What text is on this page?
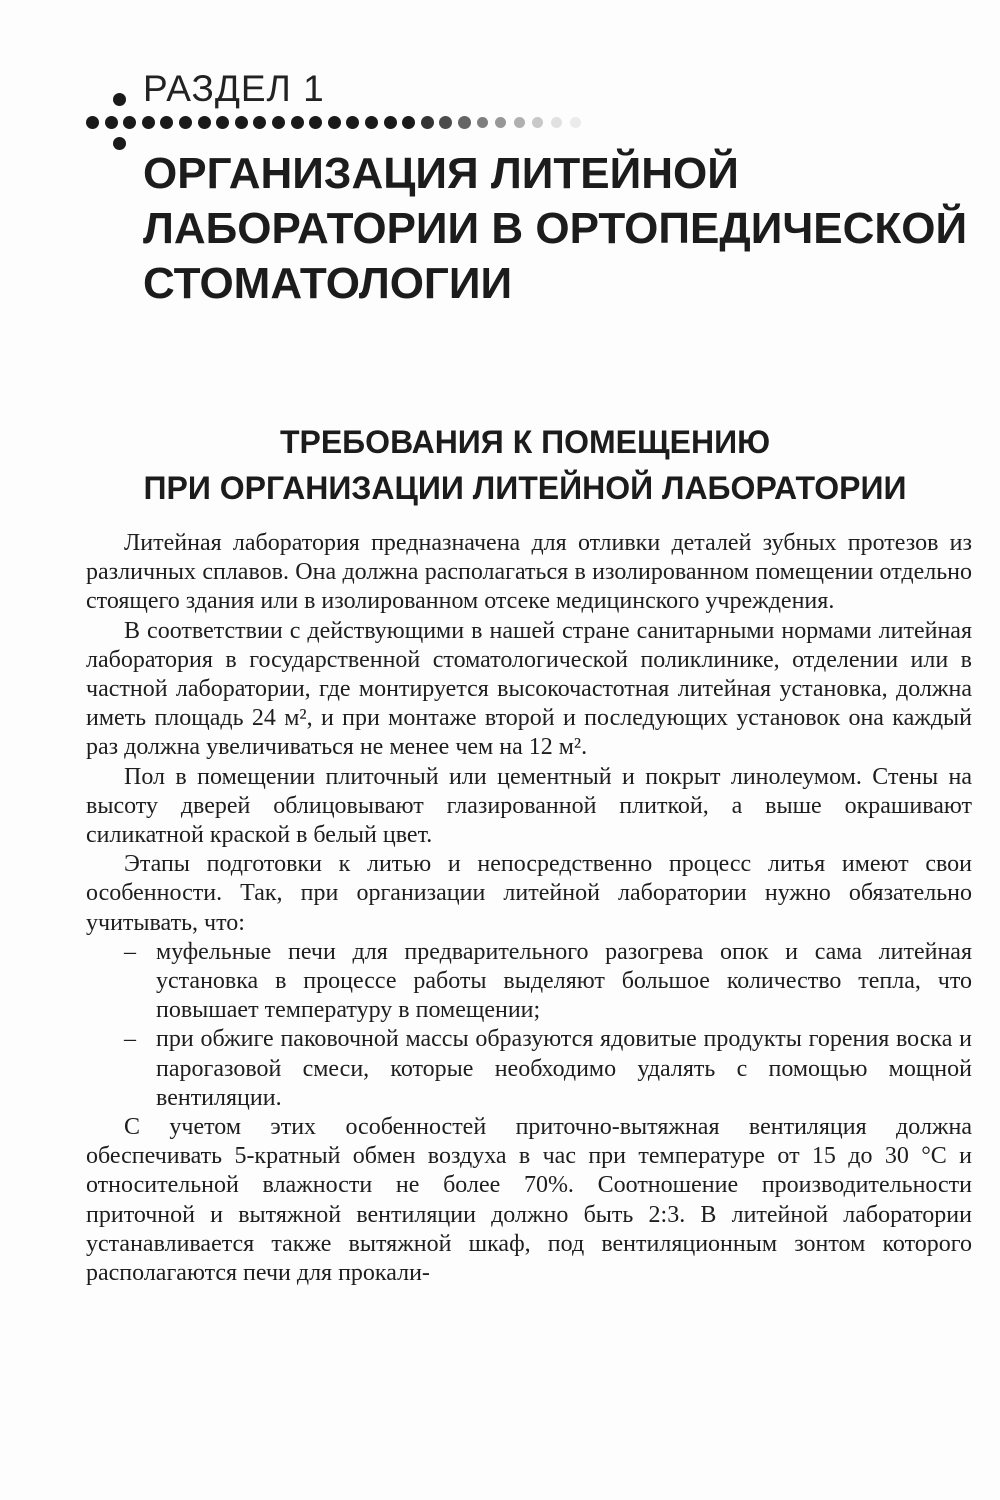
РАЗДЕЛ 1
ОРГАНИЗАЦИЯ ЛИТЕЙНОЙ
ЛАБОРАТОРИИ В ОРТОПЕДИЧЕСКОЙ
СТОМАТОЛОГИИ
ТРЕБОВАНИЯ К ПОМЕЩЕНИЮ
ПРИ ОРГАНИЗАЦИИ ЛИТЕЙНОЙ ЛАБОРАТОРИИ

Литейная лаборатория предназначена для отливки деталей зубных протезов из различных сплавов. Она должна располагаться в изолированном помещении отдельно стоящего здания или в изолированном отсеке медицинского учреждения.

В соответствии с действующими в нашей стране санитарными нормами литейная лаборатория в государственной стоматологической поликлинике, отделении или в частной лаборатории, где монтируется высокочастотная литейная установка, должна иметь площадь 24 м², и при монтаже второй и последующих установок она каждый раз должна увеличиваться не менее чем на 12 м².

Пол в помещении плиточный или цементный и покрыт линолеумом. Стены на высоту дверей облицовывают глазированной плиткой, а выше окрашивают силикатной краской в белый цвет.

Этапы подготовки к литью и непосредственно процесс литья имеют свои особенности. Так, при организации литейной лаборатории нужно обязательно учитывать, что:

– муфельные печи для предварительного разогрева опок и сама литейная установка в процессе работы выделяют большое количество тепла, что повышает температуру в помещении;
– при обжиге паковочной массы образуются ядовитые продукты горения воска и парогазовой смеси, которые необходимо удалять с помощью мощной вентиляции.

С учетом этих особенностей приточно-вытяжная вентиляция должна обеспечивать 5-кратный обмен воздуха в час при температуре от 15 до 30 °С и относительной влажности не более 70%. Соотношение производительности приточной и вытяжной вентиляции должно быть 2:3. В литейной лаборатории устанавливается также вытяжной шкаф, под вентиляционным зонтом которого располагаются печи для прокали-
